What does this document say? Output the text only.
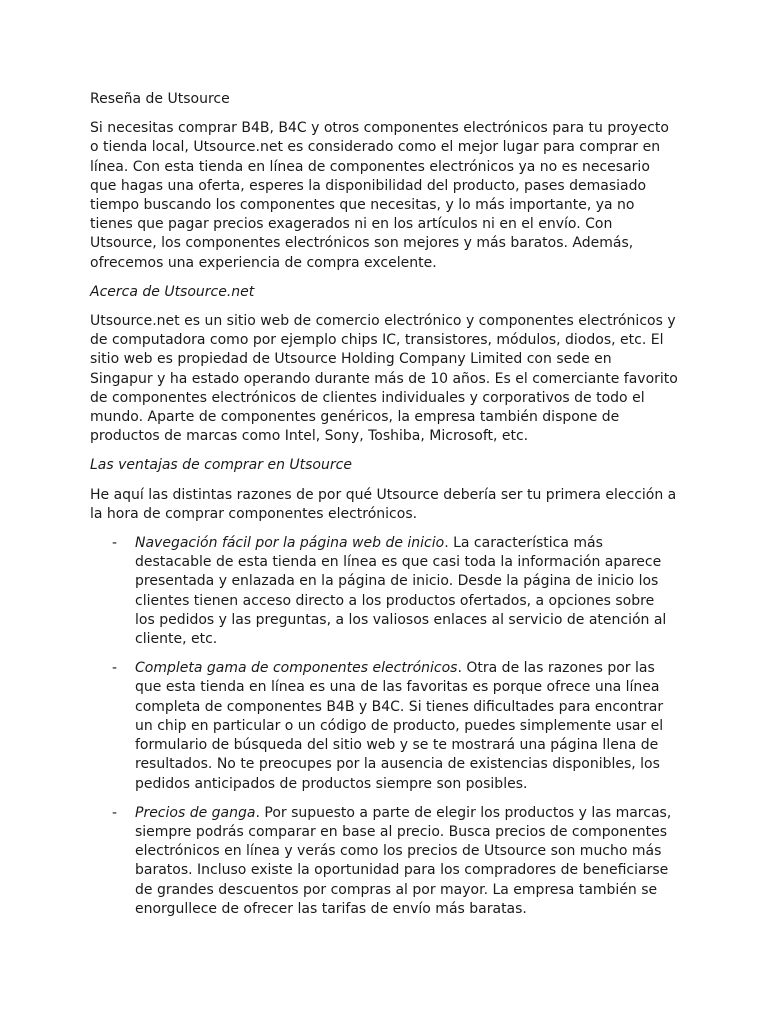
Reseña de Utsource

Si necesitas comprar B4B, B4C y otros componentes electrónicos para tu proyecto o tienda local, Utsource.net es considerado como el mejor lugar para comprar en línea. Con esta tienda en línea de componentes electrónicos ya no es necesario que hagas una oferta, esperes la disponibilidad del producto, pases demasiado tiempo buscando los componentes que necesitas, y lo más importante, ya no tienes que pagar precios exagerados ni en los artículos ni en el envío. Con Utsource, los componentes electrónicos son mejores y más baratos. Además, ofrecemos una experiencia de compra excelente.

Acerca de Utsource.net

Utsource.net es un sitio web de comercio electrónico y componentes electrónicos y de computadora como por ejemplo chips IC, transistores, módulos, diodos, etc. El sitio web es propiedad de Utsource Holding Company Limited con sede en Singapur y ha estado operando durante más de 10 años. Es el comerciante favorito de componentes electrónicos de clientes individuales y corporativos de todo el mundo. Aparte de componentes genéricos, la empresa también dispone de productos de marcas como Intel, Sony, Toshiba, Microsoft, etc.

Las ventajas de comprar en Utsource

He aquí las distintas razones de por qué Utsource debería ser tu primera elección a la hora de comprar componentes electrónicos.

- Navegación fácil por la página web de inicio. La característica más destacable de esta tienda en línea es que casi toda la información aparece presentada y enlazada en la página de inicio. Desde la página de inicio los clientes tienen acceso directo a los productos ofertados, a opciones sobre los pedidos y las preguntas, a los valiosos enlaces al servicio de atención al cliente, etc.
- Completa gama de componentes electrónicos. Otra de las razones por las que esta tienda en línea es una de las favoritas es porque ofrece una línea completa de componentes B4B y B4C. Si tienes dificultades para encontrar un chip en particular o un código de producto, puedes simplemente usar el formulario de búsqueda del sitio web y se te mostrará una página llena de resultados. No te preocupes por la ausencia de existencias disponibles, los pedidos anticipados de productos siempre son posibles.
- Precios de ganga. Por supuesto a parte de elegir los productos y las marcas, siempre podrás comparar en base al precio. Busca precios de componentes electrónicos en línea y verás como los precios de Utsource son mucho más baratos. Incluso existe la oportunidad para los compradores de beneficiarse de grandes descuentos por compras al por mayor. La empresa también se enorgullece de ofrecer las tarifas de envío más baratas.
